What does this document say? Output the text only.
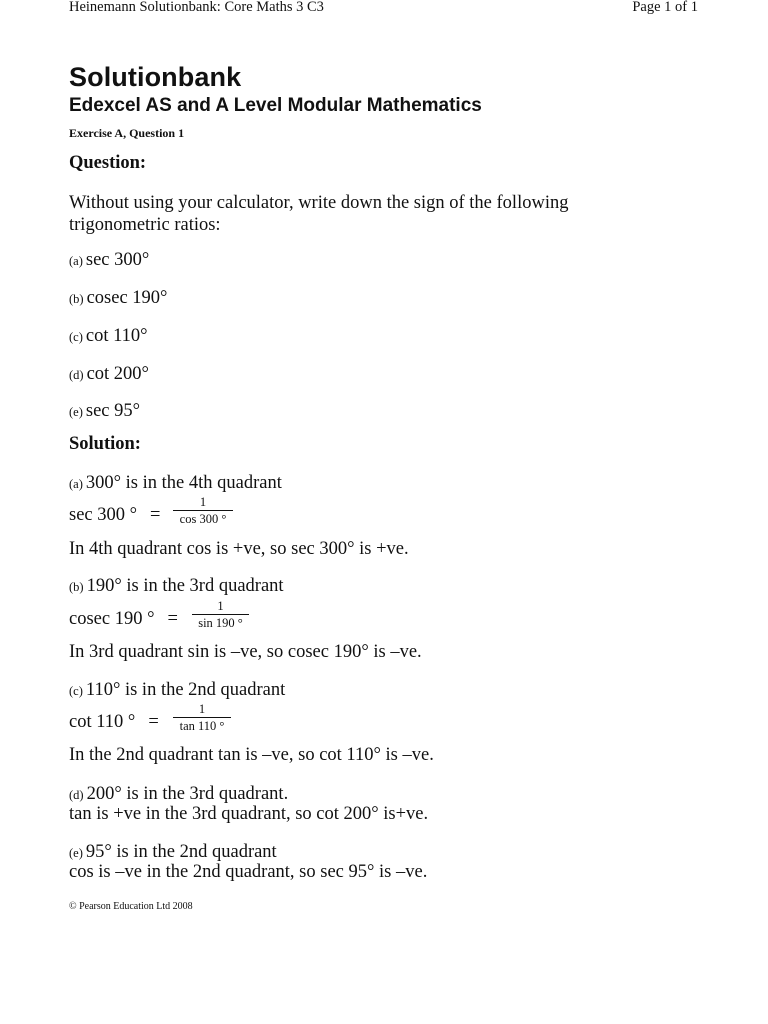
Heinemann Solutionbank: Core Maths 3 C3	Page 1 of 1
Solutionbank
Edexcel AS and A Level Modular Mathematics
Exercise A, Question 1
Question:
Without using your calculator, write down the sign of the following trigonometric ratios:
(a) sec 300°
(b) cosec 190°
(c) cot 110°
(d) cot 200°
(e) sec 95°
Solution:
(a) 300° is in the 4th quadrant
sec 300 ° =
1
cos 300 °
In 4th quadrant cos is +ve, so sec 300° is +ve.
(b) 190° is in the 3rd quadrant
cosec 190 ° =
1
sin 190 °
In 3rd quadrant sin is –ve, so cosec 190° is –ve.
(c) 110° is in the 2nd quadrant
cot 110 ° =
1
tan 110 °
In the 2nd quadrant tan is –ve, so cot 110° is –ve.
(d) 200° is in the 3rd quadrant.
tan is +ve in the 3rd quadrant, so cot 200° is+ve.
(e) 95° is in the 2nd quadrant
cos is –ve in the 2nd quadrant, so sec 95° is –ve.
© Pearson Education Ltd 2008
